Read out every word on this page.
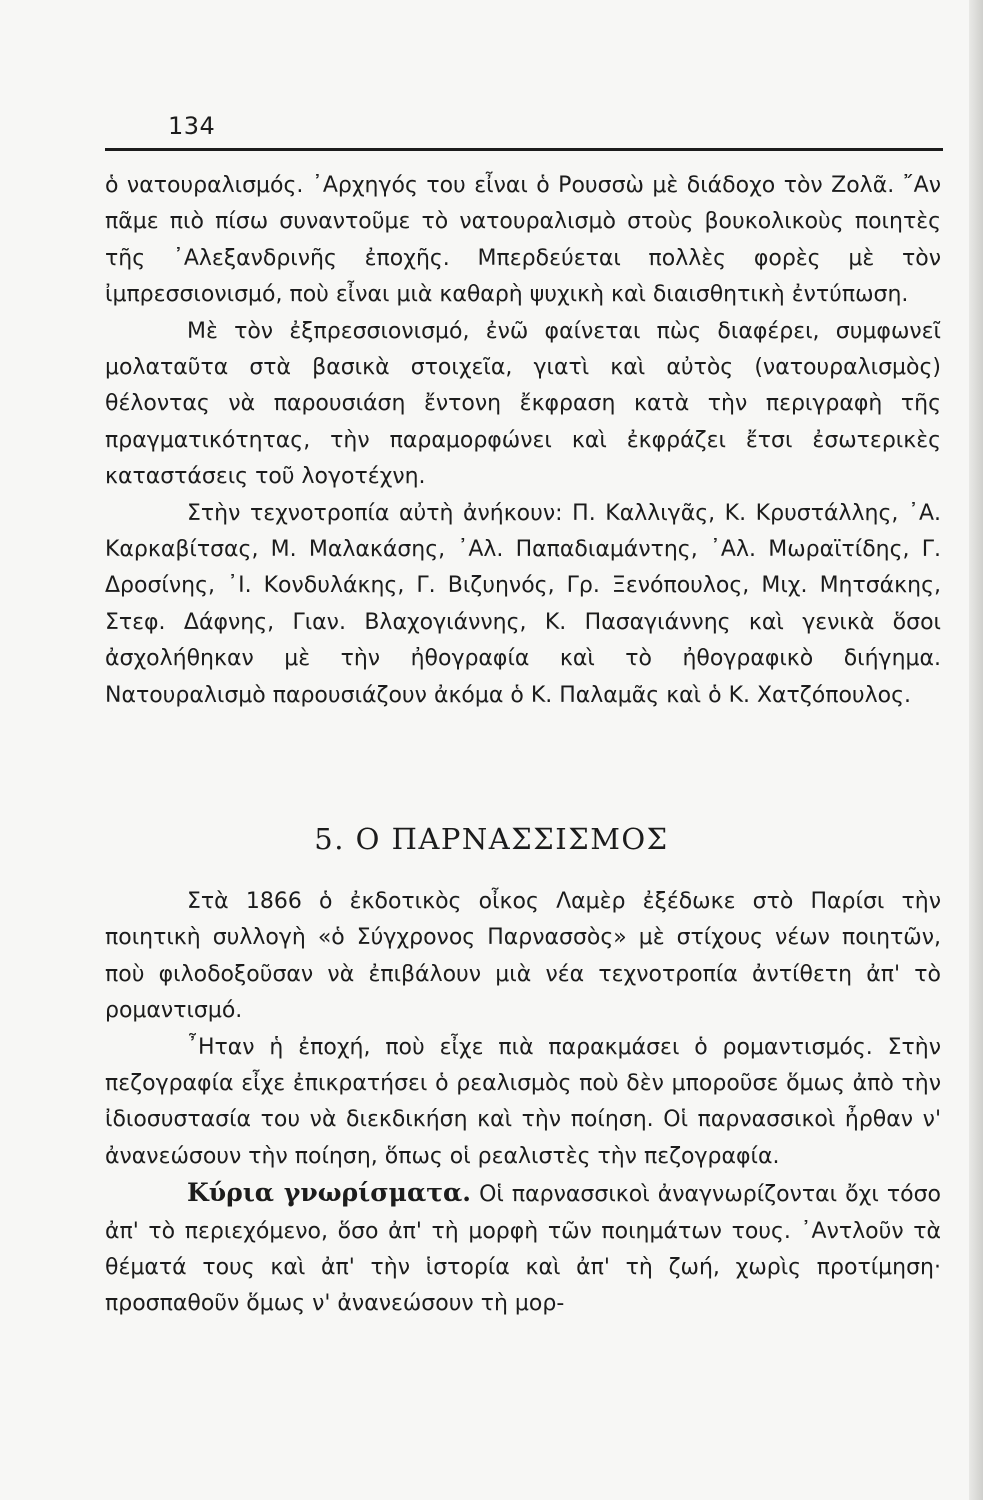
134
ὁ νατουραλισμός. ᾿Αρχηγός του εἶναι ὁ Ρουσσὼ μὲ διάδοχο τὸν Ζολᾶ. ῎Αν πᾶμε πιὸ πίσω συναντοῦμε τὸ νατουραλισμὸ στοὺς βουκολικοὺς ποιητὲς τῆς ᾿Αλεξανδρινῆς ἐποχῆς. Μπερδεύεται πολλὲς φορὲς μὲ τὸν ἰμπρεσσιονισμό, ποὺ εἶναι μιὰ καθαρὴ ψυχικὴ καὶ διαισθητικὴ ἐντύπωση.
Μὲ τὸν ἐξπρεσσιονισμό, ἐνῶ φαίνεται πὼς διαφέρει, συμφωνεῖ μολαταῦτα στὰ βασικὰ στοιχεῖα, γιατὶ καὶ αὐτὸς (νατουραλισμὸς) θέλοντας νὰ παρουσιάση ἔντονη ἔκφραση κατὰ τὴν περιγραφὴ τῆς πραγματικότητας, τὴν παραμορφώνει καὶ ἐκφράζει ἔτσι ἐσωτερικὲς καταστάσεις τοῦ λογοτέχνη.
Στὴν τεχνοτροπία αὐτὴ ἀνήκουν: Π. Καλλιγᾶς, Κ. Κρυστάλλης, ᾿Α. Καρκαβίτσας, Μ. Μαλακάσης, ᾿Αλ. Παπαδιαμάντης, ᾿Αλ. Μωραϊτίδης, Γ. Δροσίνης, ᾿Ι. Κονδυλάκης, Γ. Βιζυηνός, Γρ. Ξενόπουλος, Μιχ. Μητσάκης, Στεφ. Δάφνης, Γιαν. Βλαχογιάννης, Κ. Πασαγιάννης καὶ γενικὰ ὅσοι ἀσχολήθηκαν μὲ τὴν ἠθογραφία καὶ τὸ ἠθογραφικὸ διήγημα. Νατουραλισμὸ παρουσιάζουν ἀκόμα ὁ Κ. Παλαμᾶς καὶ ὁ Κ. Χατζόπουλος.
5. Ο ΠΑΡΝΑΣΣΙΣΜΟΣ
Στὰ 1866 ὁ ἐκδοτικὸς οἶκος Λαμὲρ ἐξέδωκε στὸ Παρίσι τὴν ποιητικὴ συλλογὴ «ὁ Σύγχρονος Παρνασσὸς» μὲ στίχους νέων ποιητῶν, ποὺ φιλοδοξοῦσαν νὰ ἐπιβάλουν μιὰ νέα τεχνοτροπία ἀντίθετη ἀπ' τὸ ρομαντισμό.
῏Ηταν ἡ ἐποχή, ποὺ εἶχε πιὰ παρακμάσει ὁ ρομαντισμός. Στὴν πεζογραφία εἶχε ἐπικρατήσει ὁ ρεαλισμὸς ποὺ δὲν μποροῦσε ὅμως ἀπὸ τὴν ἰδιοσυστασία του νὰ διεκδικήση καὶ τὴν ποίηση. Οἱ παρνασσικοὶ ἦρθαν ν' ἀνανεώσουν τὴν ποίηση, ὅπως οἱ ρεαλιστὲς τὴν πεζογραφία.
Κύρια γνωρίσματα. Οἱ παρνασσικοὶ ἀναγνωρίζονται ὄχι τόσο ἀπ' τὸ περιεχόμενο, ὅσο ἀπ' τὴ μορφὴ τῶν ποιημάτων τους. ᾿Αντλοῦν τὰ θέματά τους καὶ ἀπ' τὴν ἱστορία καὶ ἀπ' τὴ ζωή, χωρὶς προτίμηση· προσπαθοῦν ὅμως ν' ἀνανεώσουν τὴ μορ-
